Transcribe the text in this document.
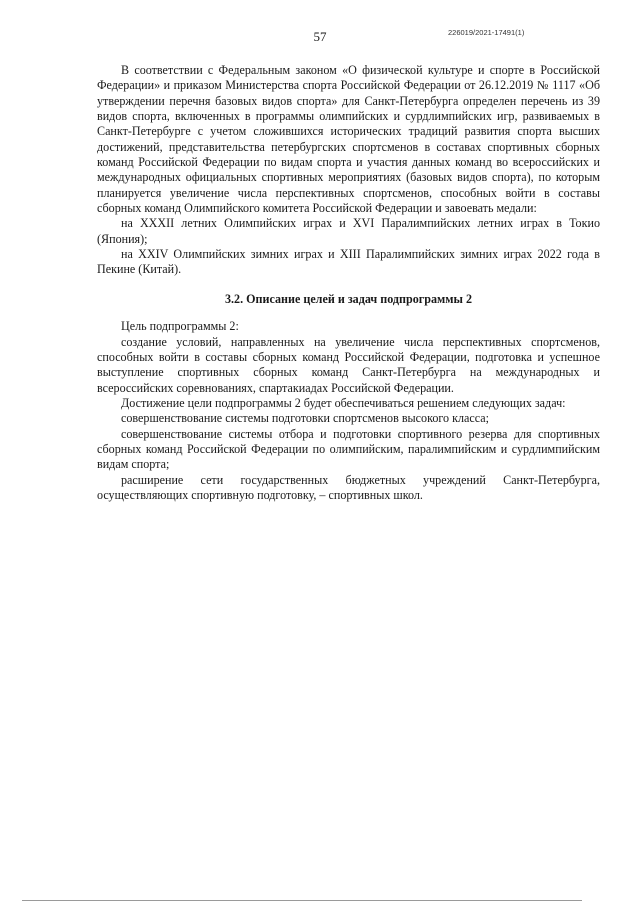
57	226019/2021-17491(1)

В соответствии с Федеральным законом «О физической культуре и спорте в Российской Федерации» и приказом Министерства спорта Российской Федерации от 26.12.2019 № 1117 «Об утверждении перечня базовых видов спорта» для Санкт-Петербурга определен перечень из 39 видов спорта, включенных в программы олимпийских и сурдлимпийских игр, развиваемых в Санкт-Петербурге с учетом сложившихся исторических традиций развития спорта высших достижений, представительства петербургских спортсменов в составах спортивных сборных команд Российской Федерации по видам спорта и участия данных команд во всероссийских и международных официальных спортивных мероприятиях (базовых видов спорта), по которым планируется увеличение числа перспективных спортсменов, способных войти в составы сборных команд Олимпийского комитета Российской Федерации и завоевать медали:

на XXXII летних Олимпийских играх и XVI Паралимпийских летних играх в Токио (Япония);

на XXIV Олимпийских зимних играх и XIII Паралимпийских зимних играх 2022 года в Пекине (Китай).

3.2. Описание целей и задач подпрограммы 2

Цель подпрограммы 2:

создание условий, направленных на увеличение числа перспективных спортсменов, способных войти в составы сборных команд Российской Федерации, подготовка и успешное выступление спортивных сборных команд Санкт-Петербурга на международных и всероссийских соревнованиях, спартакиадах Российской Федерации.

Достижение цели подпрограммы 2 будет обеспечиваться решением следующих задач:

совершенствование системы подготовки спортсменов высокого класса;

совершенствование системы отбора и подготовки спортивного резерва для спортивных сборных команд Российской Федерации по олимпийским, паралимпийским и сурдлимпийским видам спорта;

расширение сети государственных бюджетных учреждений Санкт-Петербурга, осуществляющих спортивную подготовку, – спортивных школ.
